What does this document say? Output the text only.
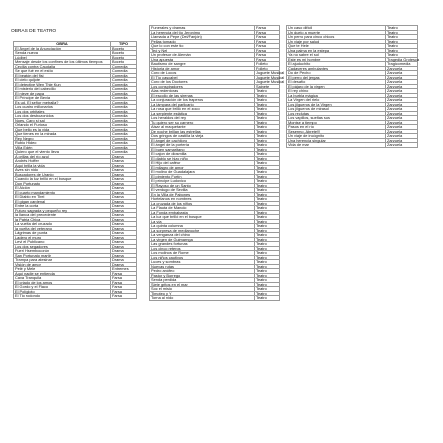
OBRAS DE TEATRO
OBRA	TIPO
El Ángel de la Anunciación	Boceto
Senda nueva	Boceto
Lúdbel	Boceto
Mensaje desde los confines de los últimos tiempos	Boceto
Cecilia contra Caudalia	Comedia
Se que fué en el estío	Comedia
El beatón del fisi	Comedia
El cielo quijote	Comedia
El detective Wen Thie Kun	Comedia
El misterio del cabecillo	Comedia
El nieve de papa	Comedia
El Príncipe de Bevia	Comedia
Es ud. El señor metralla?	Comedia
Los cuatro millonarios	Comedia
Los dos orbitales	Comedia
Los dos desbozonidos	Comedia
Noes, Caro si sal	Comedia
Orlando el Furioso	Comedia
Que bello es la vida	Comedia
Que tienes en la mirada	Comedia
Rey Negro	Comedia
Rubio Hideo	Comedia
Villa Edén	Comedia
Quiero que el viento lleva	Comedia
A orillas del río azul	Drama
Andrés Hoffer	Drama
Aquí brilla la vida	Drama
Aves sin nido	Drama
Buscadores de Uranio	Drama
Cuando la luz brilló en el bosque	Drama
Don Portunato	Drama
El Alción	Drama
El cuarto mandamiento	Drama
El Diablo en Tirel	Drama
El gigan cardenal	Drama
Entre la corta	Drama
Futuro sagrada y pequeño rey	Drama
la llanca del precedente	Drama
la Patria Chica	Drama
La vuelta del cruzado	Drama
la vuelta del veterano	Drama
Lágrimas de punta	Drama
Ladero el muro	Drama
Levi el Publicano	Drama
Los dos segadores	Drama
Fueri Hsembocorún	Drama
San Portunato martir	Drama
Trampa para atesinar	Drama
Visión de amor	Drama
Pelé y Mele	Entremes
Aquí nadie se entienda	Farsa
Cava Tranquila	Farsa
El criado de los amos	Farsa
El Gordo y el Flaco	Farsa
El Polígloto	Farsa
El Tio rodondo	Farsa
Funerales y dramas	Farsa
La herencia del tío Jeronimo	Farsa
Llamada a Pepe (Del/Fanjón)	Farsa
Pellas tomado	Farsa
Que lo con este tio	Farsa
Teó y Nel	Farsa
Un profesor de Alemán	Farsa
Una apuesta	Farsa
Bautismo de sangre	Folleto
Historia de amor	Folleto
Coro de Locos	Juguete Musical
El Tío cascabel	Juguete Musical
Coro de los Doctores	Juguete Musical
Los conspiradores	Sainete
Alas redentoras	Teatro
El escollo de las sirenas	Teatro
La conjuración de los traperos	Teatro
La lámpara del parlicario	Teatro
La rosa que brilló en el zoco	Teatro
La serpiente estática	Teatro
Los heraldos del rey	Teatro
Tu quiero ser su carnero	Teatro
Alsar al maquetante	Teatro
De noche brillan las estrellas	Teatro
Dos gringos de castilla la vieja	Teatro
El ángel de cachiloro	Teatro
El ángel de la portería	Teatro
El buen samaritano	Teatro
El cajon de diosmilla	Teatro
El diablo se hizo niño	Teatro
El Hijo del caféur	Teatro
El milagro de amor	Teatro
El molino de Guadalajara	Teatro
El pimiento Fortín	Teatro
El príncipe Ludovico	Teatro
El Rayoso de un Santo	Teatro
El verdugo de Sevilla	Teatro
En la Villa de Pabones	Teatro
Hortelanos en nombres	Teatro
La cruzada de los niños	Teatro
La Flauta de Manolo	Teatro
La Fonda embabasta	Teatro
La luz que brilló en el bosque	Teatro
La vía	Teatro
La quinta columna	Teatro
La sorpresa de medianoche	Teatro
La venganza del chino	Teatro
La virgen de Guimarnga	Teatro
Las grandes fortunas	Teatro
Los cinco reteros	Teatro
Los molinos de Rome	Teatro
Los niños cautivos	Teatro
Luces y sombras	Teatro
Nuevas rutas	Teatro
Pedro anófeo	Teatro
Pastor y Borrego	Teatro
Senda perdida	Teatro
Siete gritos en el mar	Teatro
Soc el misio	Teatro
Timoteo y Y	Teatro
Torna al nido	Teatro
Un caso difícil	Teatro
Un duelo a muerte	Teatro
Un perro para cinco chicos	Teatro
Un viaje por salud	Teatro
Que te Hele	Teatro
Una palma en la estepa	Teatro
Ya no sabre el sol	Teatro
Este es mi hombre	Tragedia Grotesca
El ajuduchito	Tragicomedia
Cadaveres ambulantes	Zarzuela
Do de Pecho	Zarzuela
El perro del jergas	Zarzuela
El desafío	Zarzuela
El pájaro de la virgen	Zarzuela
El rey chino	Zarzuela
La burbla mágica	Zarzuela
La Virgen del rielo	Zarzuela
Los jilgueros de la Virgen	Zarzuela
Los jilgueros de mirasol	Zarzuela
Los reclutas	Zarzuela
Los vapillos, sueltas sus	Zarzuela
Montse a tiempo	Zarzuela
Pasos en el río	Zarzuela
Sesermo, Abrete!!!	Zarzuela
Un viaje de incógnito	Zarzuela
Una herencia singular	Zarzuela
Vida de mar	Zarzuela
